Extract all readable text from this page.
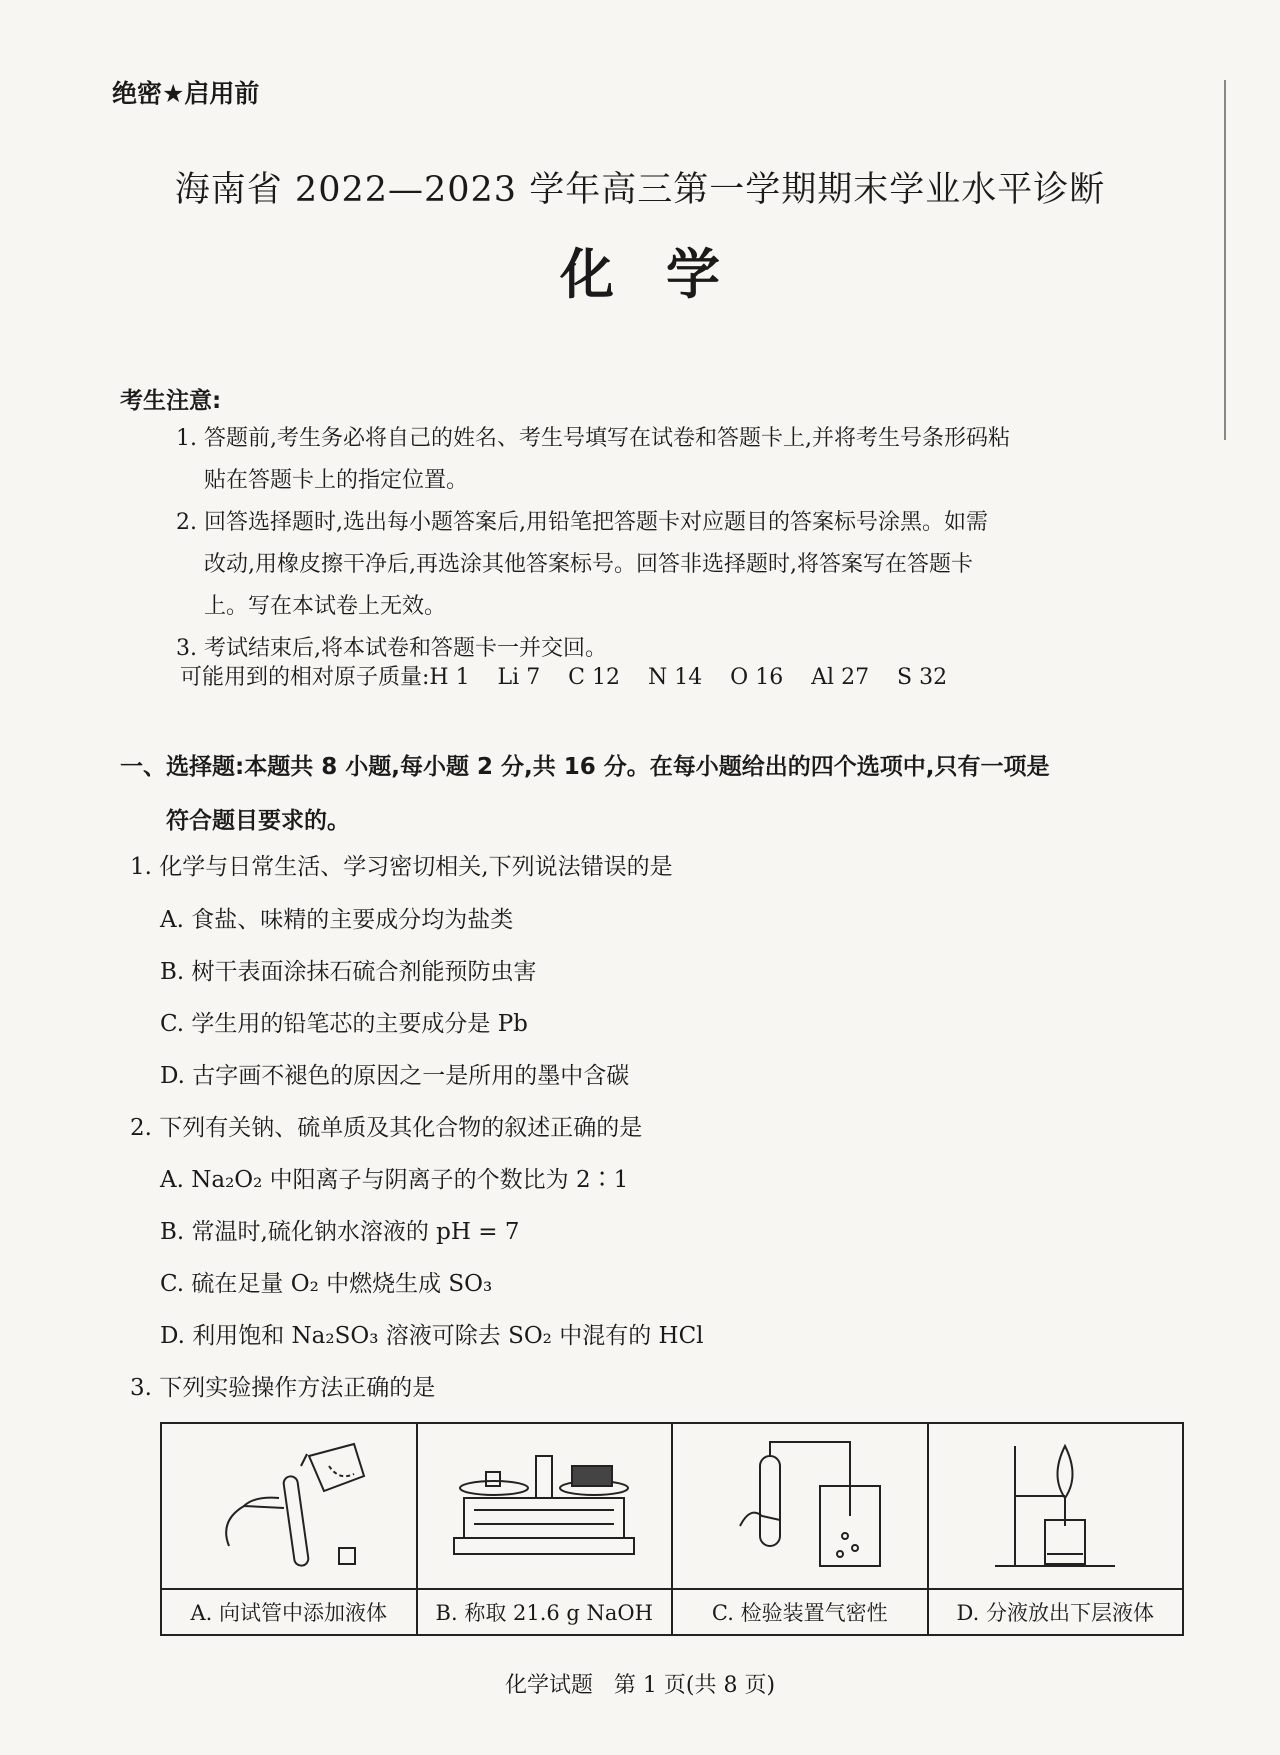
绝密★启用前
海南省 2022—2023 学年高三第一学期期末学业水平诊断
化学
考生注意:
1. 答题前,考生务必将自己的姓名、考生号填写在试卷和答题卡上,并将考生号条形码粘
贴在答题卡上的指定位置。
2. 回答选择题时,选出每小题答案后,用铅笔把答题卡对应题目的答案标号涂黑。如需
改动,用橡皮擦干净后,再选涂其他答案标号。回答非选择题时,将答案写在答题卡
上。写在本试卷上无效。
3. 考试结束后,将本试卷和答题卡一并交回。
可能用到的相对原子质量:H 1    Li 7    C 12    N 14    O 16    Al 27    S 32
一、选择题:本题共 8 小题,每小题 2 分,共 16 分。在每小题给出的四个选项中,只有一项是
符合题目要求的。
1. 化学与日常生活、学习密切相关,下列说法错误的是
A. 食盐、味精的主要成分均为盐类
B. 树干表面涂抹石硫合剂能预防虫害
C. 学生用的铅笔芯的主要成分是 Pb
D. 古字画不褪色的原因之一是所用的墨中含碳
2. 下列有关钠、硫单质及其化合物的叙述正确的是
A. Na₂O₂ 中阳离子与阴离子的个数比为 2∶1
B. 常温时,硫化钠水溶液的 pH = 7
C. 硫在足量 O₂ 中燃烧生成 SO₃
D. 利用饱和 Na₂SO₃ 溶液可除去 SO₂ 中混有的 HCl
3. 下列实验操作方法正确的是
A. 向试管中添加液体	B. 称取 21.6 g NaOH	C. 检验装置气密性	D. 分液放出下层液体
化学试题   第 1 页(共 8 页)
